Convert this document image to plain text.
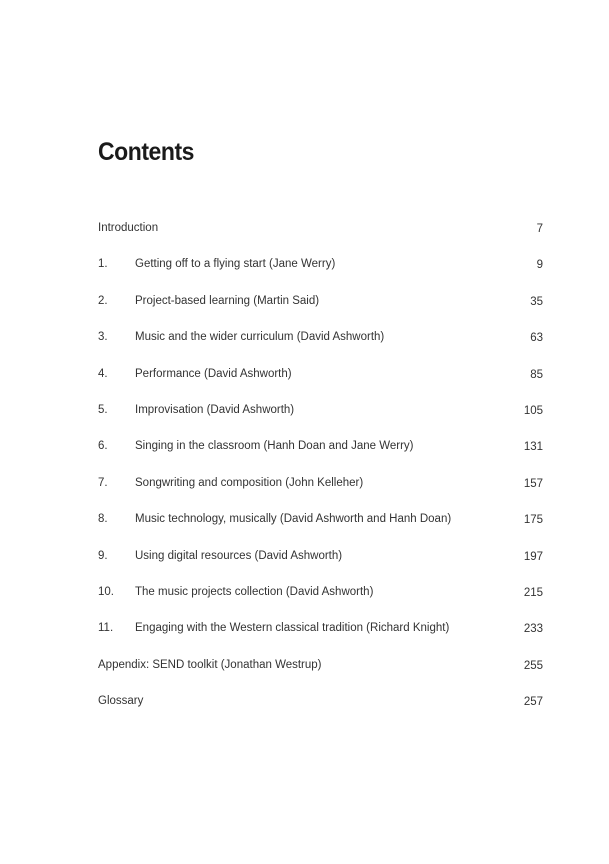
Contents
Introduction	7
1. Getting off to a flying start (Jane Werry)	9
2. Project-based learning (Martin Said)	35
3. Music and the wider curriculum (David Ashworth)	63
4. Performance (David Ashworth)	85
5. Improvisation (David Ashworth)	105
6. Singing in the classroom (Hanh Doan and Jane Werry)	131
7. Songwriting and composition (John Kelleher)	157
8. Music technology, musically (David Ashworth and Hanh Doan)	175
9. Using digital resources (David Ashworth)	197
10. The music projects collection (David Ashworth)	215
11. Engaging with the Western classical tradition (Richard Knight)	233
Appendix: SEND toolkit (Jonathan Westrup)	255
Glossary	257
